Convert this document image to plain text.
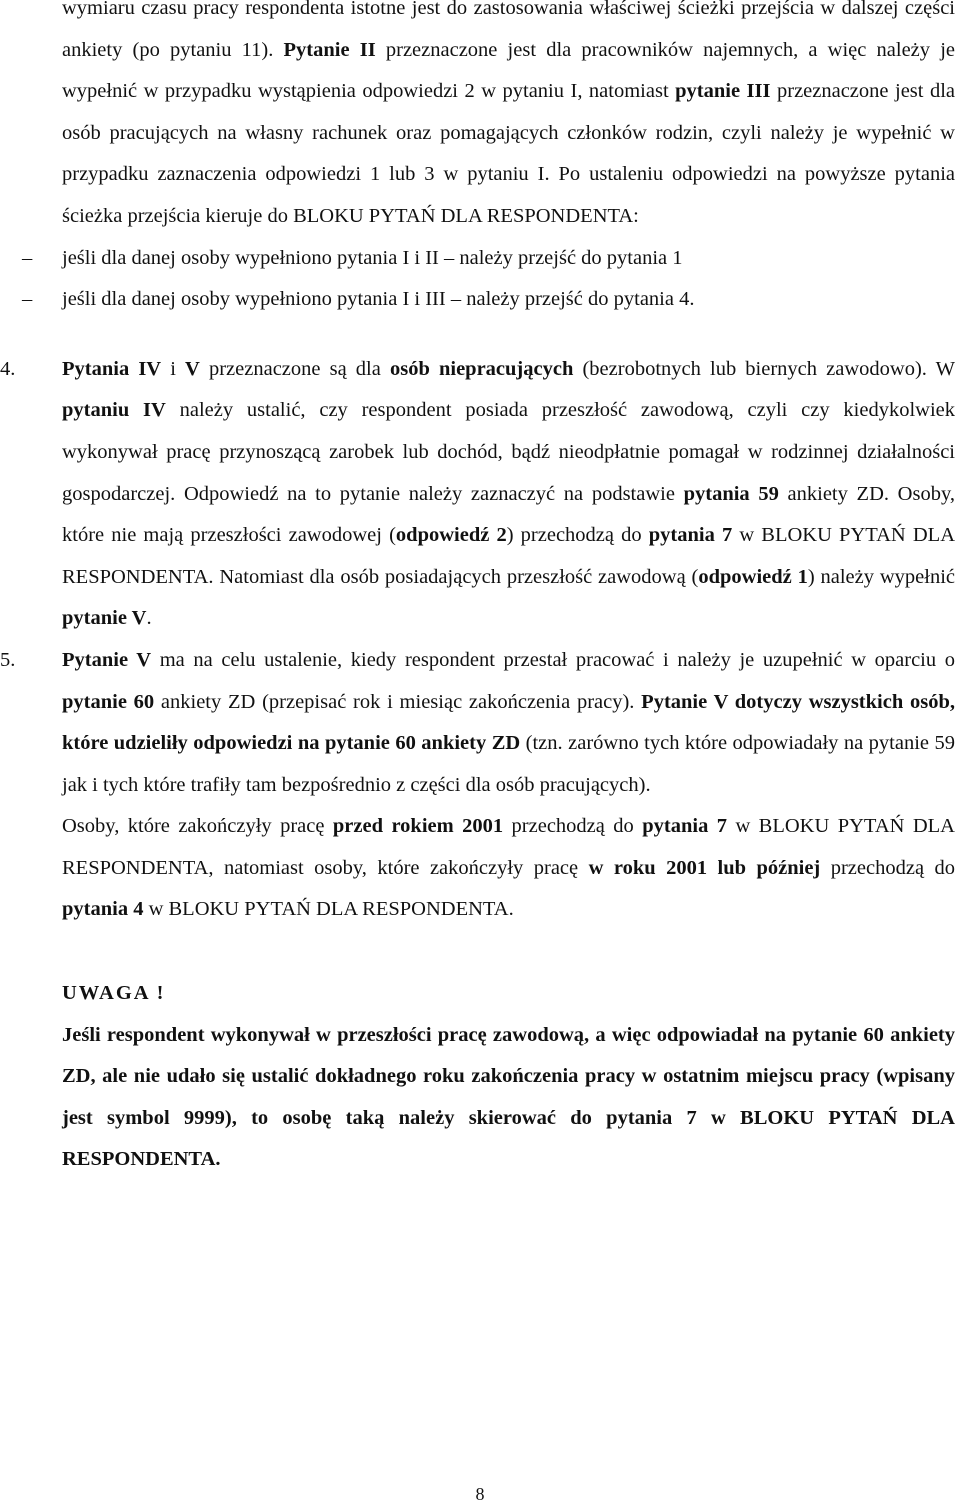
wymiaru czasu pracy respondenta istotne jest do zastosowania właściwej ścieżki przejścia w dalszej części ankiety (po pytaniu 11). Pytanie II przeznaczone jest dla pracowników najemnych, a więc należy je wypełnić w przypadku wystąpienia odpowiedzi 2 w pytaniu I, natomiast pytanie III przeznaczone jest dla osób pracujących na własny rachunek oraz pomagających członków rodzin, czyli należy je wypełnić w przypadku zaznaczenia odpowiedzi 1 lub 3 w pytaniu I. Po ustaleniu odpowiedzi na powyższe pytania ścieżka przejścia kieruje do BLOKU PYTAŃ DLA RESPONDENTA:

– jeśli dla danej osoby wypełniono pytania I i II – należy przejść do pytania 1

– jeśli dla danej osoby wypełniono pytania I i III – należy przejść do pytania 4.

4. Pytania IV i V przeznaczone są dla osób niepracujących (bezrobotnych lub biernych zawodowo). W pytaniu IV należy ustalić, czy respondent posiada przeszłość zawodową, czyli czy kiedykolwiek wykonywał pracę przynoszącą zarobek lub dochód, bądź nieodpłatnie pomagał w rodzinnej działalności gospodarczej. Odpowiedź na to pytanie należy zaznaczyć na podstawie pytania 59 ankiety ZD. Osoby, które nie mają przeszłości zawodowej (odpowiedź 2) przechodzą do pytania 7 w BLOKU PYTAŃ DLA RESPONDENTA. Natomiast dla osób posiadających przeszłość zawodową (odpowiedź 1) należy wypełnić pytanie V.

5. Pytanie V ma na celu ustalenie, kiedy respondent przestał pracować i należy je uzupełnić w oparciu o pytanie 60 ankiety ZD (przepisać rok i miesiąc zakończenia pracy). Pytanie V dotyczy wszystkich osób, które udzieliły odpowiedzi na pytanie 60 ankiety ZD (tzn. zarówno tych które odpowiadały na pytanie 59 jak i tych które trafiły tam bezpośrednio z części dla osób pracujących).

Osoby, które zakończyły pracę przed rokiem 2001 przechodzą do pytania 7 w BLOKU PYTAŃ DLA RESPONDENTA, natomiast osoby, które zakończyły pracę w roku 2001 lub później przechodzą do pytania 4 w BLOKU PYTAŃ DLA RESPONDENTA.

UWAGA !

Jeśli respondent wykonywał w przeszłości pracę zawodową, a więc odpowiadał na pytanie 60 ankiety ZD, ale nie udało się ustalić dokładnego roku zakończenia pracy w ostatnim miejscu pracy (wpisany jest symbol 9999), to osobę taką należy skierować do pytania 7 w BLOKU PYTAŃ DLA RESPONDENTA.

8
